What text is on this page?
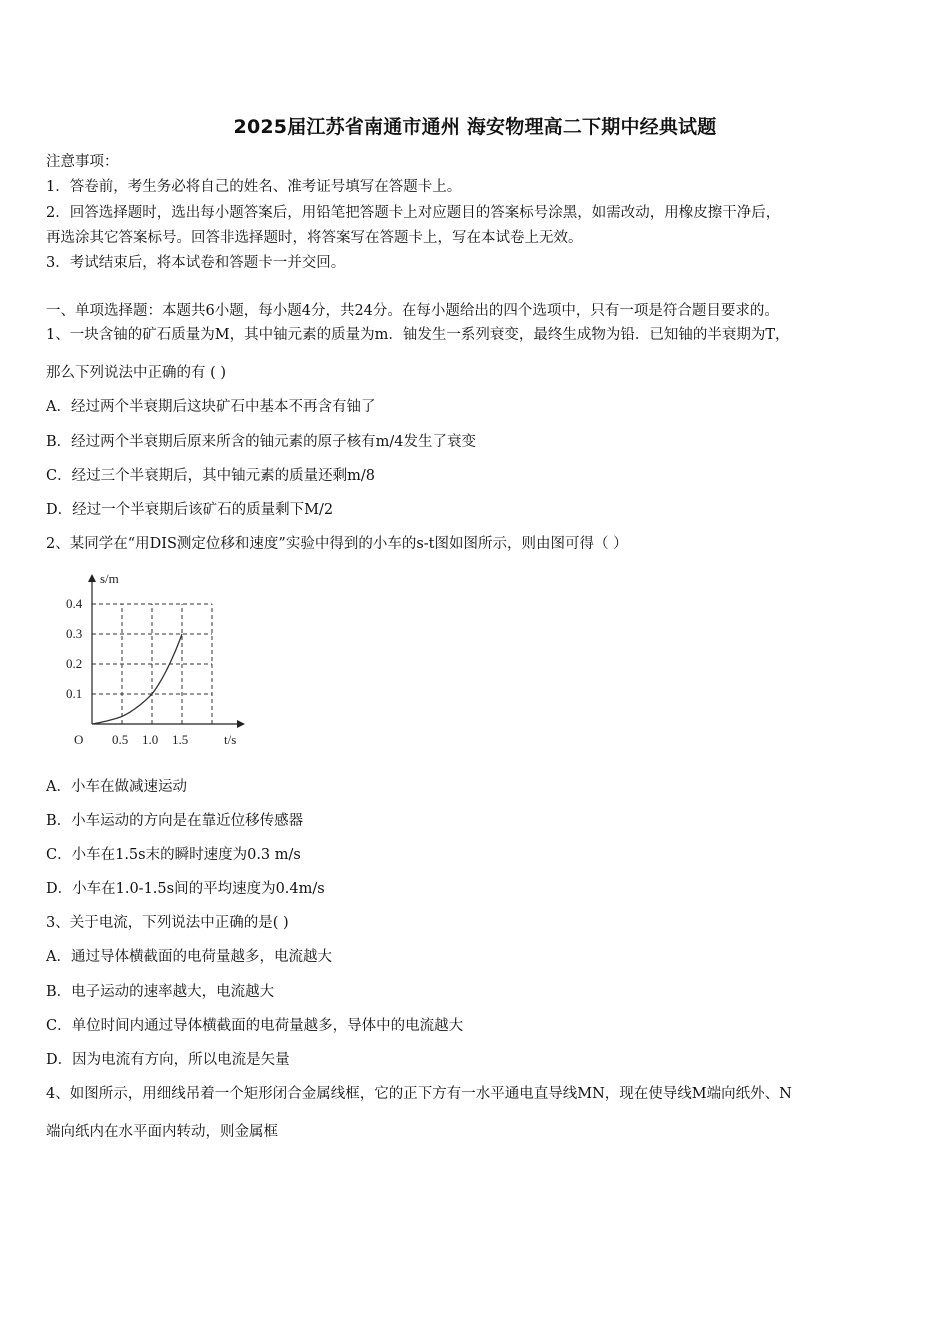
2025届江苏省南通市通州 海安物理高二下期中经典试题
注意事项：
1．答卷前，考生务必将自己的姓名、准考证号填写在答题卡上。
2．回答选择题时，选出每小题答案后，用铅笔把答题卡上对应题目的答案标号涂黑，如需改动，用橡皮擦干净后，
再选涂其它答案标号。回答非选择题时，将答案写在答题卡上，写在本试卷上无效。
3．考试结束后，将本试卷和答题卡一并交回。
一、单项选择题：本题共6小题，每小题4分，共24分。在每小题给出的四个选项中，只有一项是符合题目要求的。
1、一块含铀的矿石质量为M，其中铀元素的质量为m．铀发生一系列衰变，最终生成物为铅．已知铀的半衰期为T，
那么下列说法中正确的有 ( )
A．经过两个半衰期后这块矿石中基本不再含有铀了
B．经过两个半衰期后原来所含的铀元素的原子核有m/4发生了衰变
C．经过三个半衰期后，其中铀元素的质量还剩m/8
D．经过一个半衰期后该矿石的质量剩下M/2
2、某同学在“用DIS测定位移和速度”实验中得到的小车的s-t图如图所示，则由图可得（ ）
0.5 1.0 1.5
0.1
0.2
0.3
0.4
s/m
t/s
O
A．小车在做减速运动
B．小车运动的方向是在靠近位移传感器
C．小车在1.5s末的瞬时速度为0.3 m/s
D．小车在1.0-1.5s间的平均速度为0.4m/s
3、关于电流，下列说法中正确的是( )
A．通过导体横截面的电荷量越多，电流越大
B．电子运动的速率越大，电流越大
C．单位时间内通过导体横截面的电荷量越多，导体中的电流越大
D．因为电流有方向，所以电流是矢量
4、如图所示，用细线吊着一个矩形闭合金属线框，它的正下方有一水平通电直导线MN，现在使导线M端向纸外、N
端向纸内在水平面内转动，则金属框
